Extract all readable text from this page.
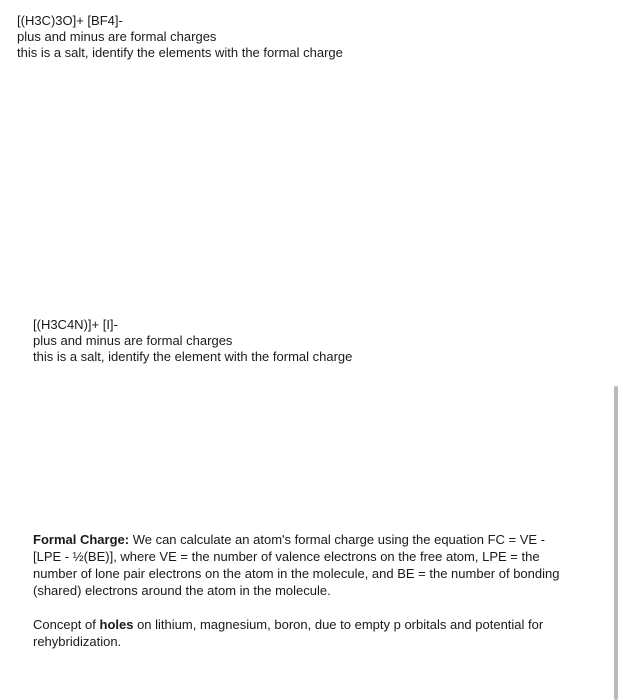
[(H3C)3O]+ [BF4]-
plus and minus are formal charges
this is a salt, identify the elements with the formal charge
[(H3C4N)]+ [I]-
plus and minus are formal charges
this is a salt, identify the element with the formal charge

Formal Charge: We can calculate an atom's formal charge using the equation FC = VE - [LPE - ½(BE)], where VE = the number of valence electrons on the free atom, LPE = the number of lone pair electrons on the atom in the molecule, and BE = the number of bonding (shared) electrons around the atom in the molecule.

Concept of holes on lithium, magnesium, boron, due to empty p orbitals and potential for rehybridization.
